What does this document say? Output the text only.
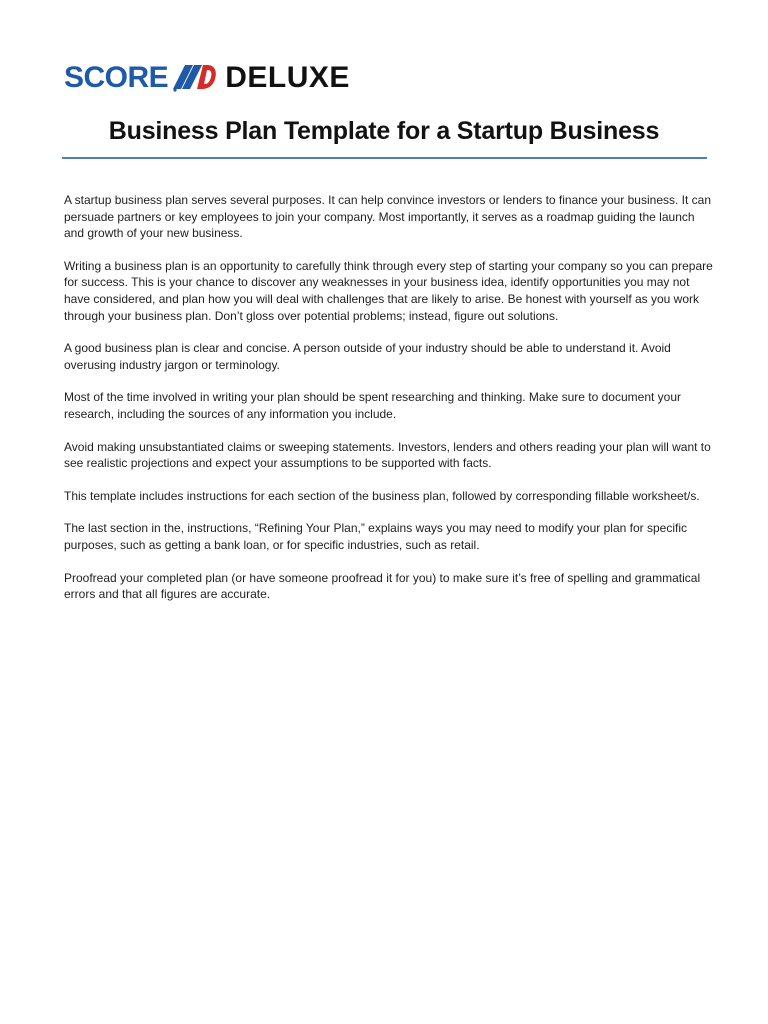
SCORE DELUXE
Business Plan Template for a Startup Business

A startup business plan serves several purposes. It can help convince investors or lenders to finance your business. It can persuade partners or key employees to join your company. Most importantly, it serves as a roadmap guiding the launch and growth of your new business.

Writing a business plan is an opportunity to carefully think through every step of starting your company so you can prepare for success. This is your chance to discover any weaknesses in your business idea, identify opportunities you may not have considered, and plan how you will deal with challenges that are likely to arise. Be honest with yourself as you work through your business plan. Don’t gloss over potential problems; instead, figure out solutions.

A good business plan is clear and concise. A person outside of your industry should be able to understand it. Avoid overusing industry jargon or terminology.

Most of the time involved in writing your plan should be spent researching and thinking. Make sure to document your research, including the sources of any information you include.

Avoid making unsubstantiated claims or sweeping statements. Investors, lenders and others reading your plan will want to see realistic projections and expect your assumptions to be supported with facts.

This template includes instructions for each section of the business plan, followed by corresponding fillable worksheet/s.

The last section in the, instructions, “Refining Your Plan,” explains ways you may need to modify your plan for specific purposes, such as getting a bank loan, or for specific industries, such as retail.

Proofread your completed plan (or have someone proofread it for you) to make sure it’s free of spelling and grammatical errors and that all figures are accurate.
